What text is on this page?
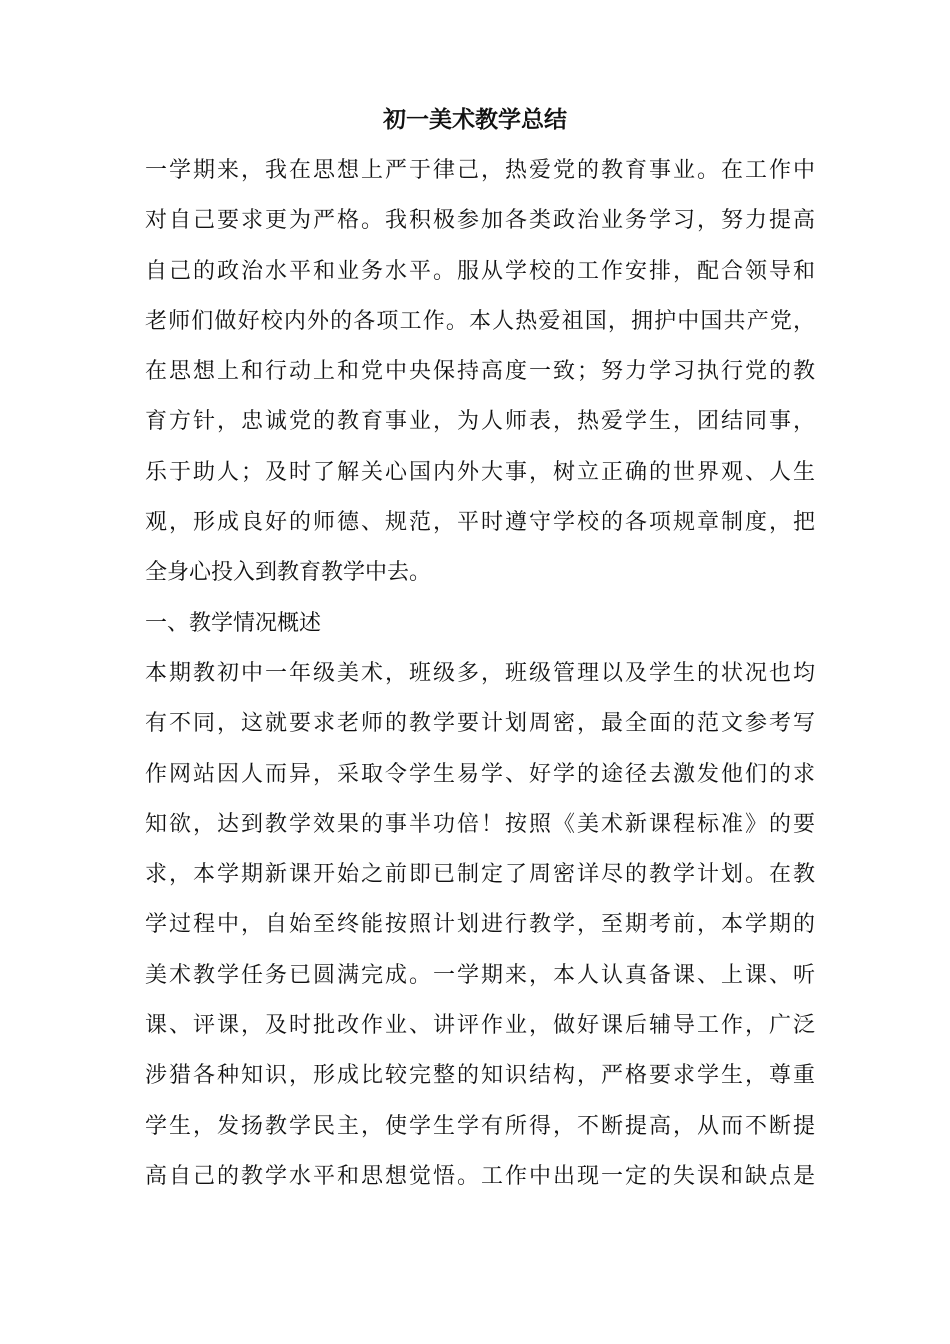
初一美术教学总结
一学期来，我在思想上严于律己，热爱党的教育事业。在工作中
对自己要求更为严格。我积极参加各类政治业务学习，努力提高
自己的政治水平和业务水平。服从学校的工作安排，配合领导和
老师们做好校内外的各项工作。本人热爱祖国，拥护中国共产党，
在思想上和行动上和党中央保持高度一致；努力学习执行党的教
育方针，忠诚党的教育事业，为人师表，热爱学生，团结同事，
乐于助人；及时了解关心国内外大事，树立正确的世界观、人生
观，形成良好的师德、规范，平时遵守学校的各项规章制度，把
全身心投入到教育教学中去。
一、教学情况概述
本期教初中一年级美术，班级多，班级管理以及学生的状况也均
有不同，这就要求老师的教学要计划周密，最全面的范文参考写
作网站因人而异，采取令学生易学、好学的途径去激发他们的求
知欲，达到教学效果的事半功倍！按照《美术新课程标准》的要
求，本学期新课开始之前即已制定了周密详尽的教学计划。在教
学过程中，自始至终能按照计划进行教学，至期考前，本学期的
美术教学任务已圆满完成。一学期来，本人认真备课、上课、听
课、评课，及时批改作业、讲评作业，做好课后辅导工作，广泛
涉猎各种知识，形成比较完整的知识结构，严格要求学生，尊重
学生，发扬教学民主，使学生学有所得，不断提高，从而不断提
高自己的教学水平和思想觉悟。工作中出现一定的失误和缺点是
